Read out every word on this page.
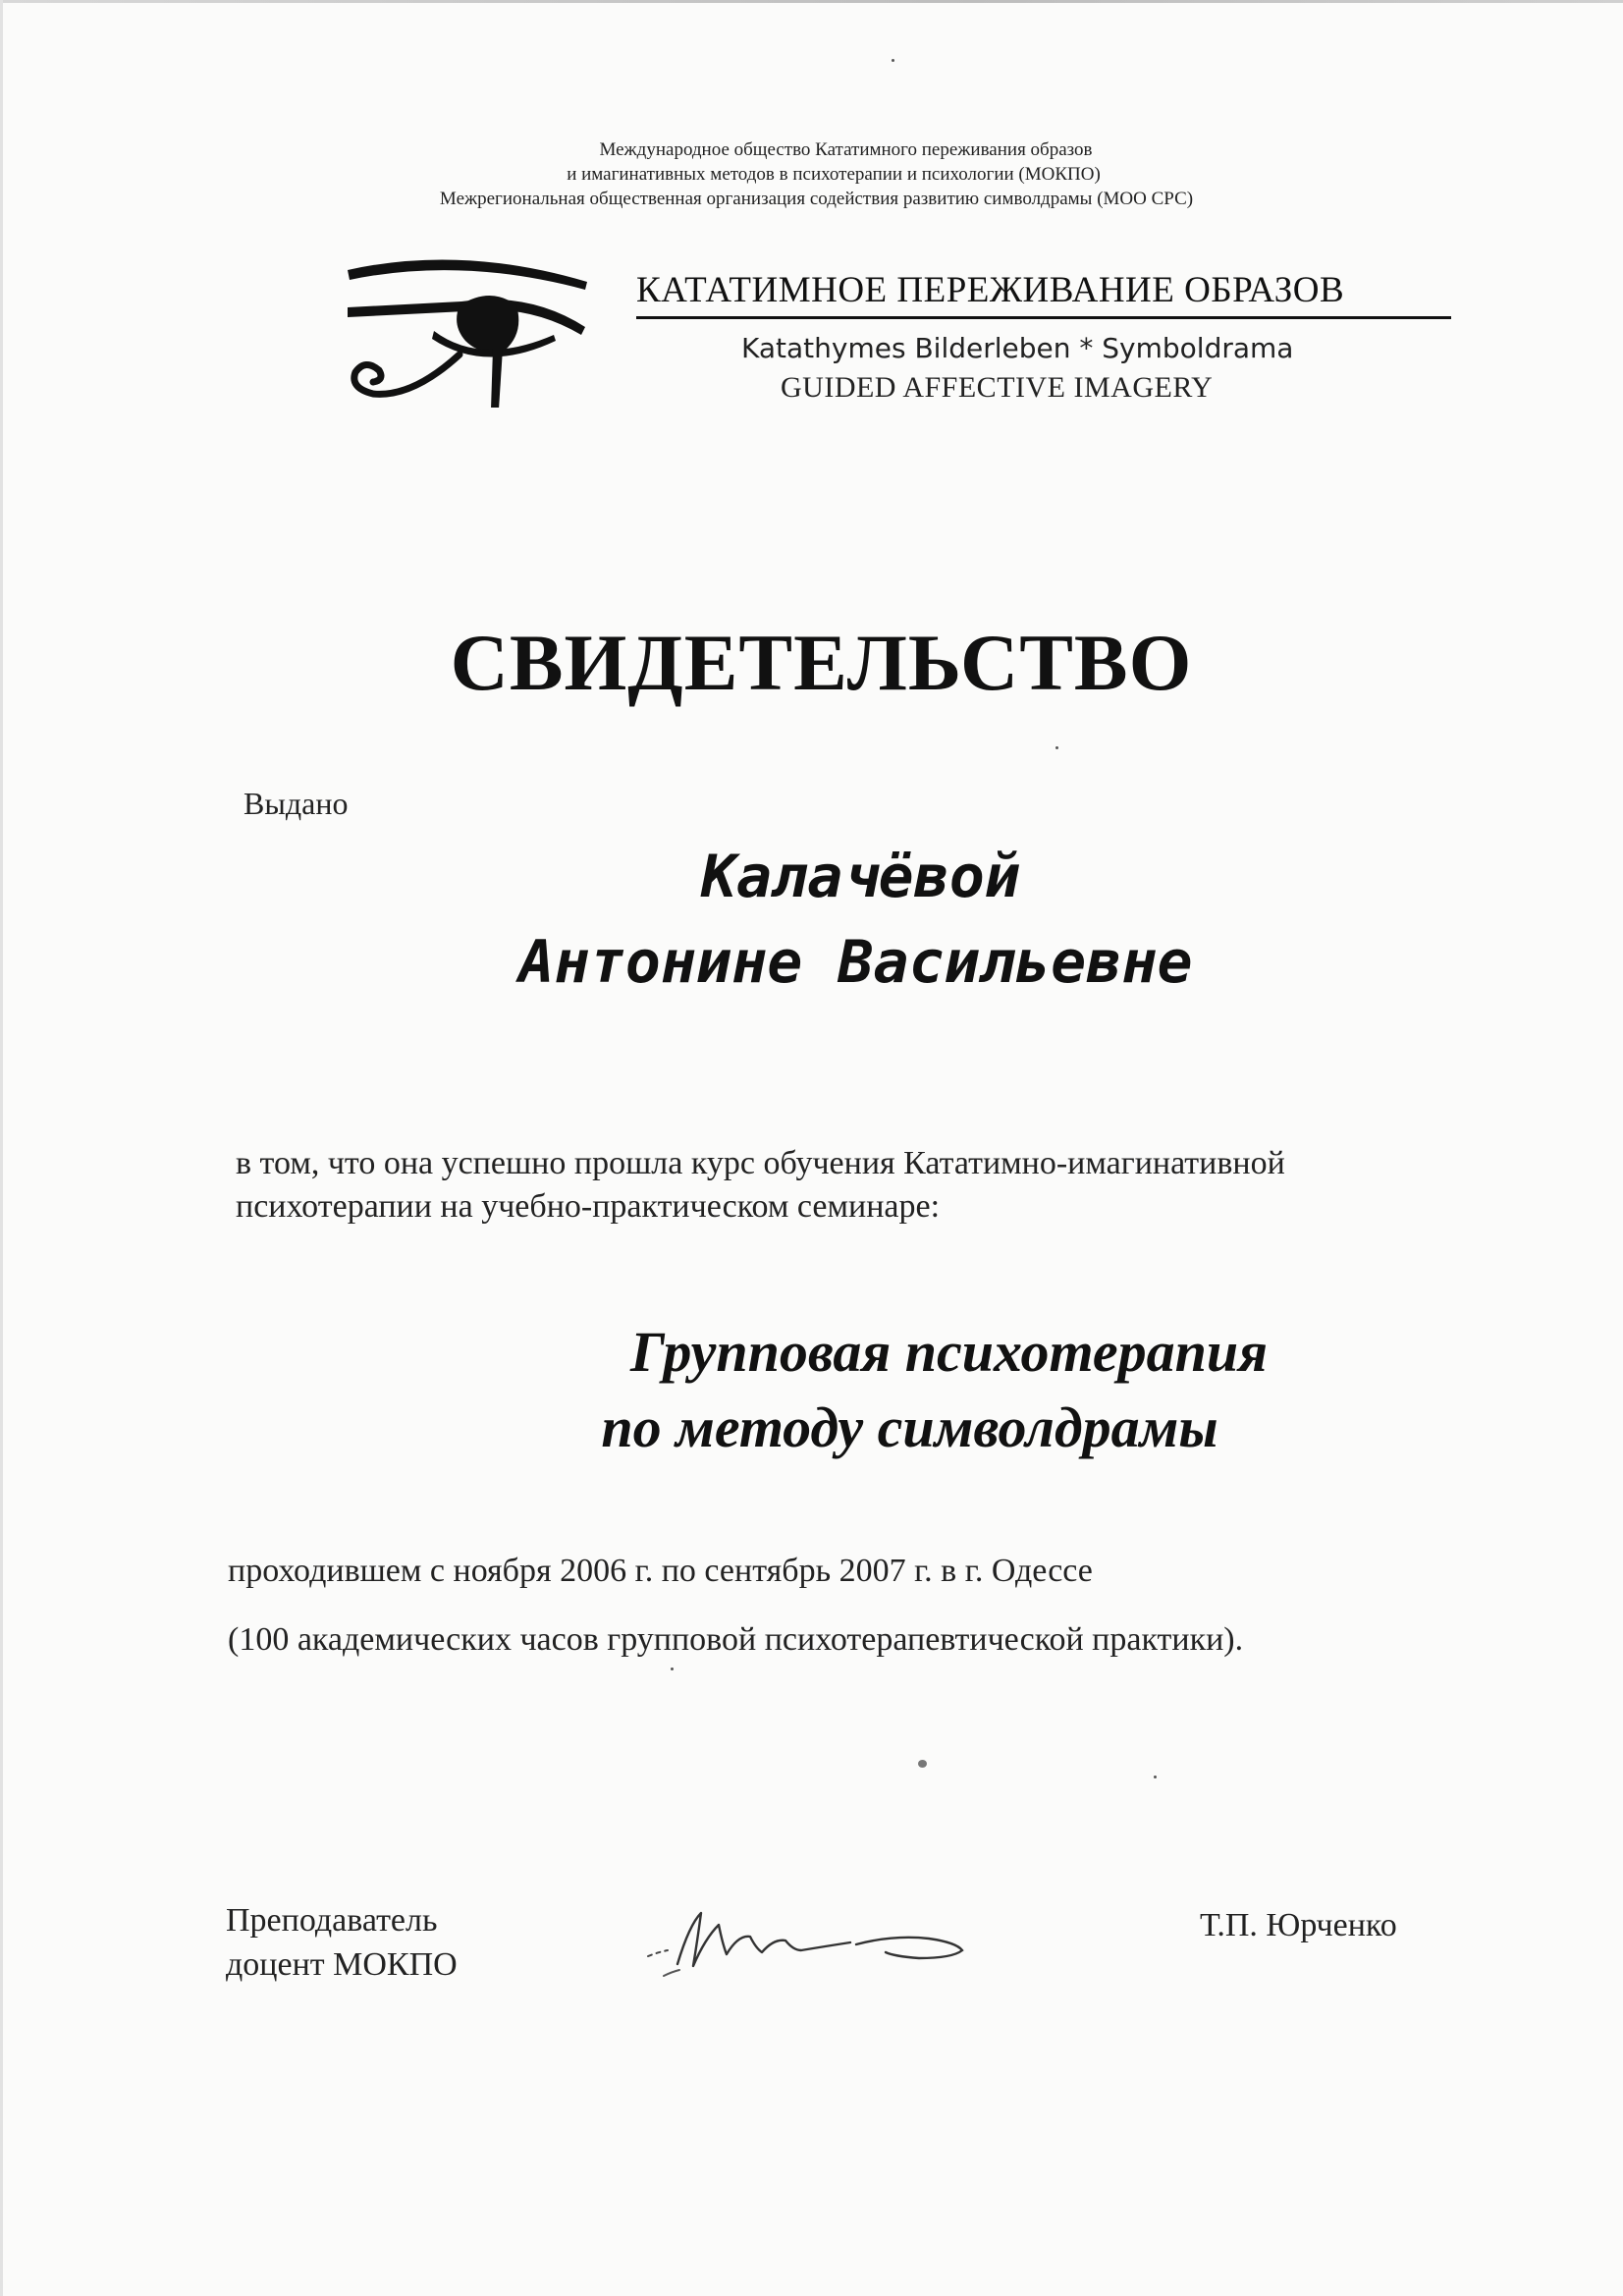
Международное общество Кататимного переживания образов
и имагинативных методов в психотерапии и психологии (МОКПО)
Межрегиональная общественная организация содействия развитию символдрамы (МОО СРС)
КАТАТИМНОЕ ПЕРЕЖИВАНИЕ ОБРАЗОВ
Katathymes Bilderleben * Symboldrama
GUIDED AFFECTIVE IMAGERY
СВИДЕТЕЛЬСТВО
Выдано
Калачёвой
Антонине Васильевне
в том, что она успешно прошла курс обучения Кататимно-имагинативной
психотерапии на учебно-практическом семинаре:
Групповая психотерапия
по методу символдрамы
проходившем с ноября 2006 г. по сентябрь 2007 г. в г. Одессе
(100 академических часов групповой психотерапевтической практики).
Преподаватель
доцент МОКПО
Т.П. Юрченко
